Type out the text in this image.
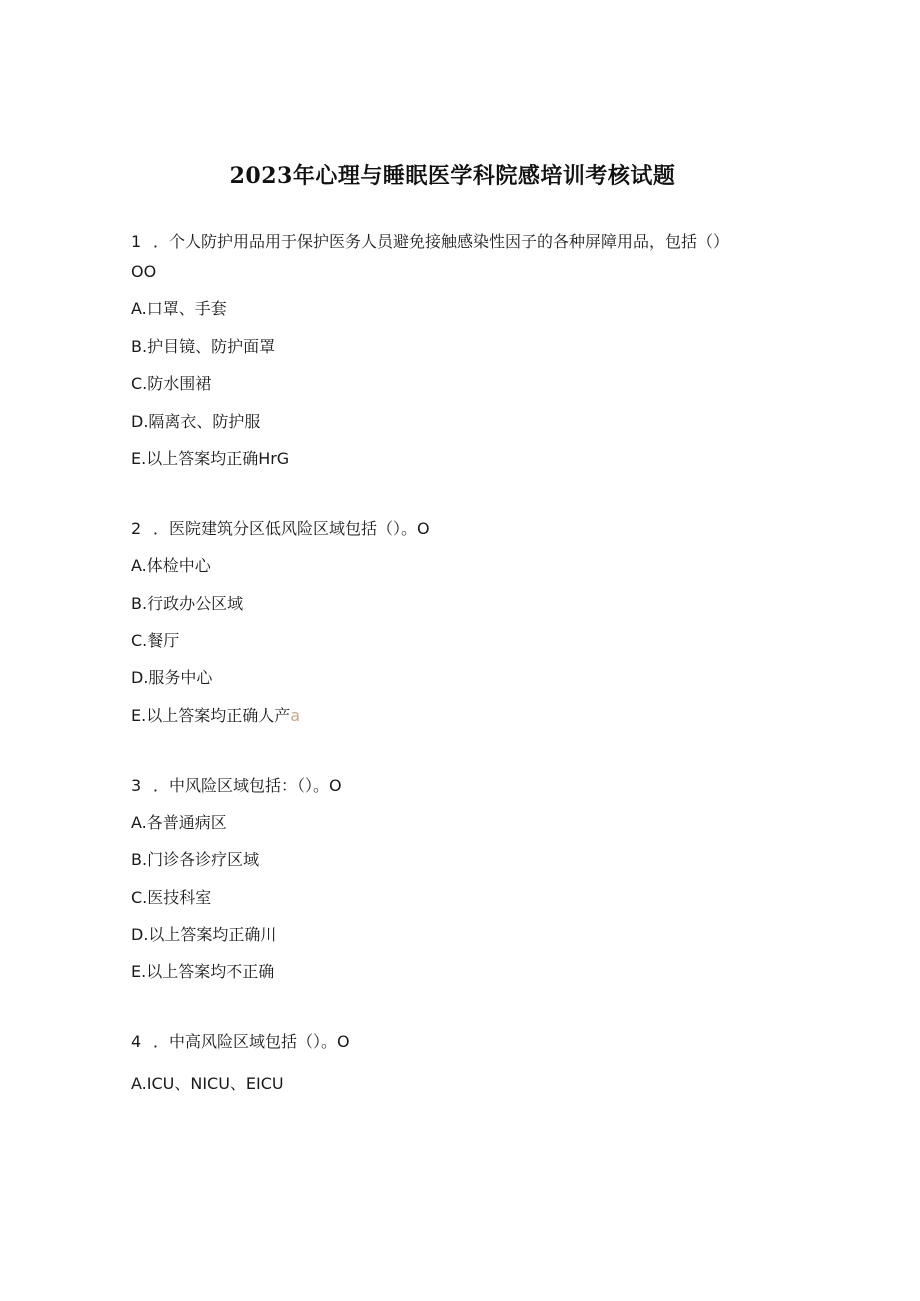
2023年心理与睡眠医学科院感培训考核试题
1 ．个人防护用品用于保护医务人员避免接触感染性因子的各种屏障用品，包括（）
OO
A.口罩、手套
B.护目镜、防护面罩
C.防水围裙
D.隔离衣、防护服
E.以上答案均正确HrG
2 ．医院建筑分区低风险区域包括（）。O
A.体检中心
B.行政办公区域
C.餐厅
D.服务中心
E.以上答案均正确人产a
3 ．中风险区域包括：（）。O
A.各普通病区
B.门诊各诊疗区域
C.医技科室
D.以上答案均正确川
E.以上答案均不正确
4 ．中高风险区域包括（）。O
A.ICU、NICU、EICU
